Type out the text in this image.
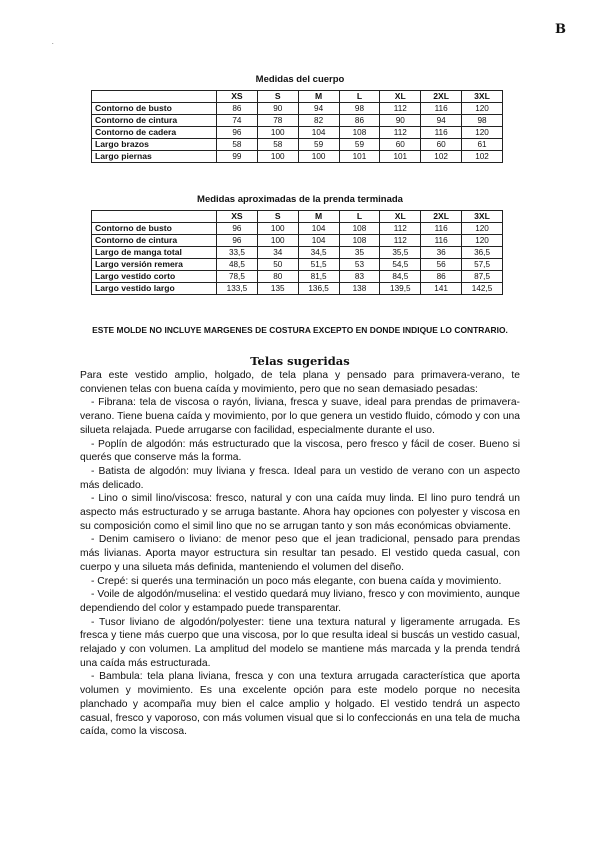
B
.
Medidas del cuerpo
	XS	S	M	L	XL	2XL	3XL
Contorno de busto	86	90	94	98	112	116	120
Contorno de cintura	74	78	82	86	90	94	98
Contorno de cadera	96	100	104	108	112	116	120
Largo brazos	58	58	59	59	60	60	61
Largo piernas	99	100	100	101	101	102	102
Medidas aproximadas de la prenda terminada
	XS	S	M	L	XL	2XL	3XL
Contorno de busto	96	100	104	108	112	116	120
Contorno de cintura	96	100	104	108	112	116	120
Largo de manga total	33,5	34	34,5	35	35,5	36	36,5
Largo versión remera	48,5	50	51,5	53	54,5	56	57,5
Largo vestido corto	78,5	80	81,5	83	84,5	86	87,5
Largo vestido largo	133,5	135	136,5	138	139,5	141	142,5
ESTE MOLDE NO INCLUYE MARGENES DE COSTURA EXCEPTO EN DONDE INDIQUE LO CONTRARIO.
Telas sugeridas

Para este vestido amplio, holgado, de tela plana y pensado para primavera-verano, te convienen telas con buena caída y movimiento, pero que no sean demasiado pesadas:

- Fibrana: tela de viscosa o rayón, liviana, fresca y suave, ideal para prendas de primavera-verano. Tiene buena caída y movimiento, por lo que genera un vestido fluido, cómodo y con una silueta relajada. Puede arrugarse con facilidad, especialmente durante el uso.

- Poplín de algodón: más estructurado que la viscosa, pero fresco y fácil de coser. Bueno si querés que conserve más la forma.

- Batista de algodón: muy liviana y fresca. Ideal para un vestido de verano con un aspecto más delicado.

- Lino o simil lino/viscosa: fresco, natural y con una caída muy linda. El lino puro tendrá un aspecto más estructurado y se arruga bastante. Ahora hay opciones con polyester y viscosa en su composición como el simil lino que no se arrugan tanto y son más económicas obviamente.

- Denim camisero o liviano: de menor peso que el jean tradicional, pensado para prendas más livianas. Aporta mayor estructura sin resultar tan pesado. El vestido queda casual, con cuerpo y una silueta más definida, manteniendo el volumen del diseño.

- Crepé: si querés una terminación un poco más elegante, con buena caída y movimiento.

- Voile de algodón/muselina: el vestido quedará muy liviano, fresco y con movimiento, aunque dependiendo del color y estampado puede transparentar.

- Tusor liviano de algodón/polyester: tiene una textura natural y ligeramente arrugada. Es fresca y tiene más cuerpo que una viscosa, por lo que resulta ideal si buscás un vestido casual, relajado y con volumen. La amplitud del modelo se mantiene más marcada y la prenda tendrá una caída más estructurada.

- Bambula: tela plana liviana, fresca y con una textura arrugada característica que aporta volumen y movimiento. Es una excelente opción para este modelo porque no necesita planchado y acompaña muy bien el calce amplio y holgado. El vestido tendrá un aspecto casual, fresco y vaporoso, con más volumen visual que si lo confeccionás en una tela de mucha caída, como la viscosa.
